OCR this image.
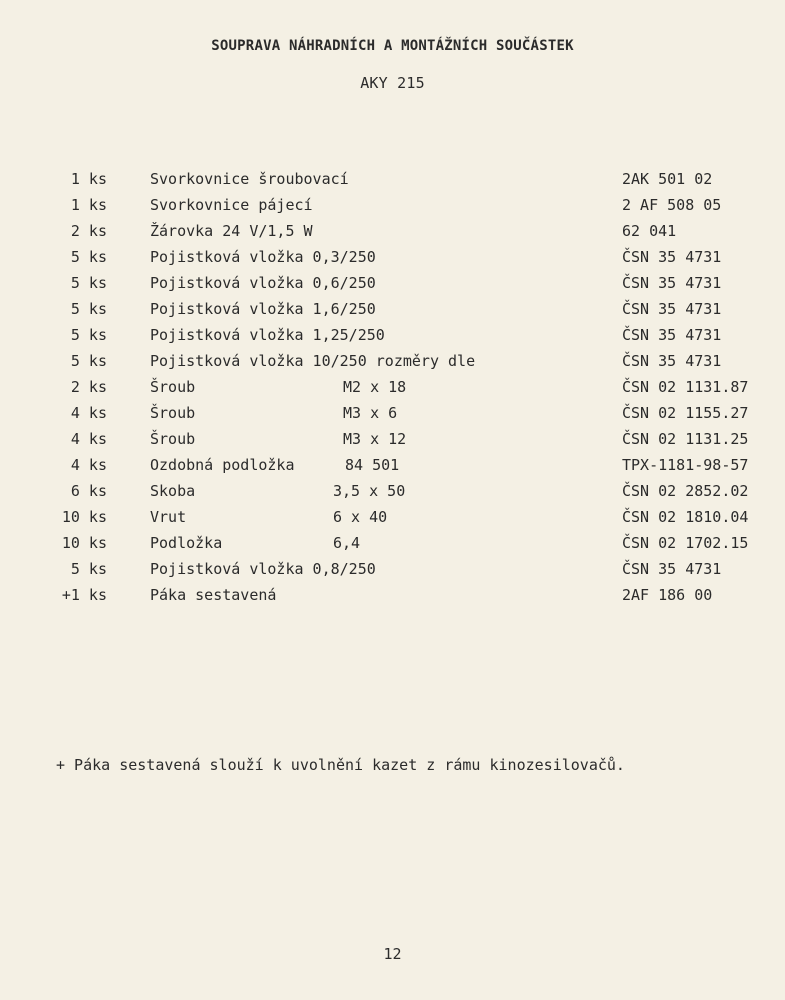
SOUPRAVA NÁHRADNÍCH A MONTÁŽNÍCH SOUČÁSTEK
AKY 215
1 ks	Svorkovnice šroubovací	2AK 501 02
1 ks	Svorkovnice pájecí	2 AF 508 05
2 ks	Žárovka 24 V/1,5 W	62 041
5 ks	Pojistková vložka 0,3/250	ČSN 35 4731
5 ks	Pojistková vložka 0,6/250	ČSN 35 4731
5 ks	Pojistková vložka 1,6/250	ČSN 35 4731
5 ks	Pojistková vložka 1,25/250	ČSN 35 4731
5 ks	Pojistková vložka 10/250 rozměry dle	ČSN 35 4731
2 ks	Šroub	M2 x 18	ČSN 02 1131.87
4 ks	Šroub	M3 x 6	ČSN 02 1155.27
4 ks	Šroub	M3 x 12	ČSN 02 1131.25
4 ks	Ozdobná podložka	84 501	TPX-1181-98-57
6 ks	Skoba	3,5 x 50	ČSN 02 2852.02
10 ks	Vrut	6 x 40	ČSN 02 1810.04
10 ks	Podložka	6,4	ČSN 02 1702.15
5 ks	Pojistková vložka 0,8/250	ČSN 35 4731
+1 ks	Páka sestavená	2AF 186 00
+ Páka sestavená slouží k uvolnění kazet z rámu kinozesilovačů.
12
